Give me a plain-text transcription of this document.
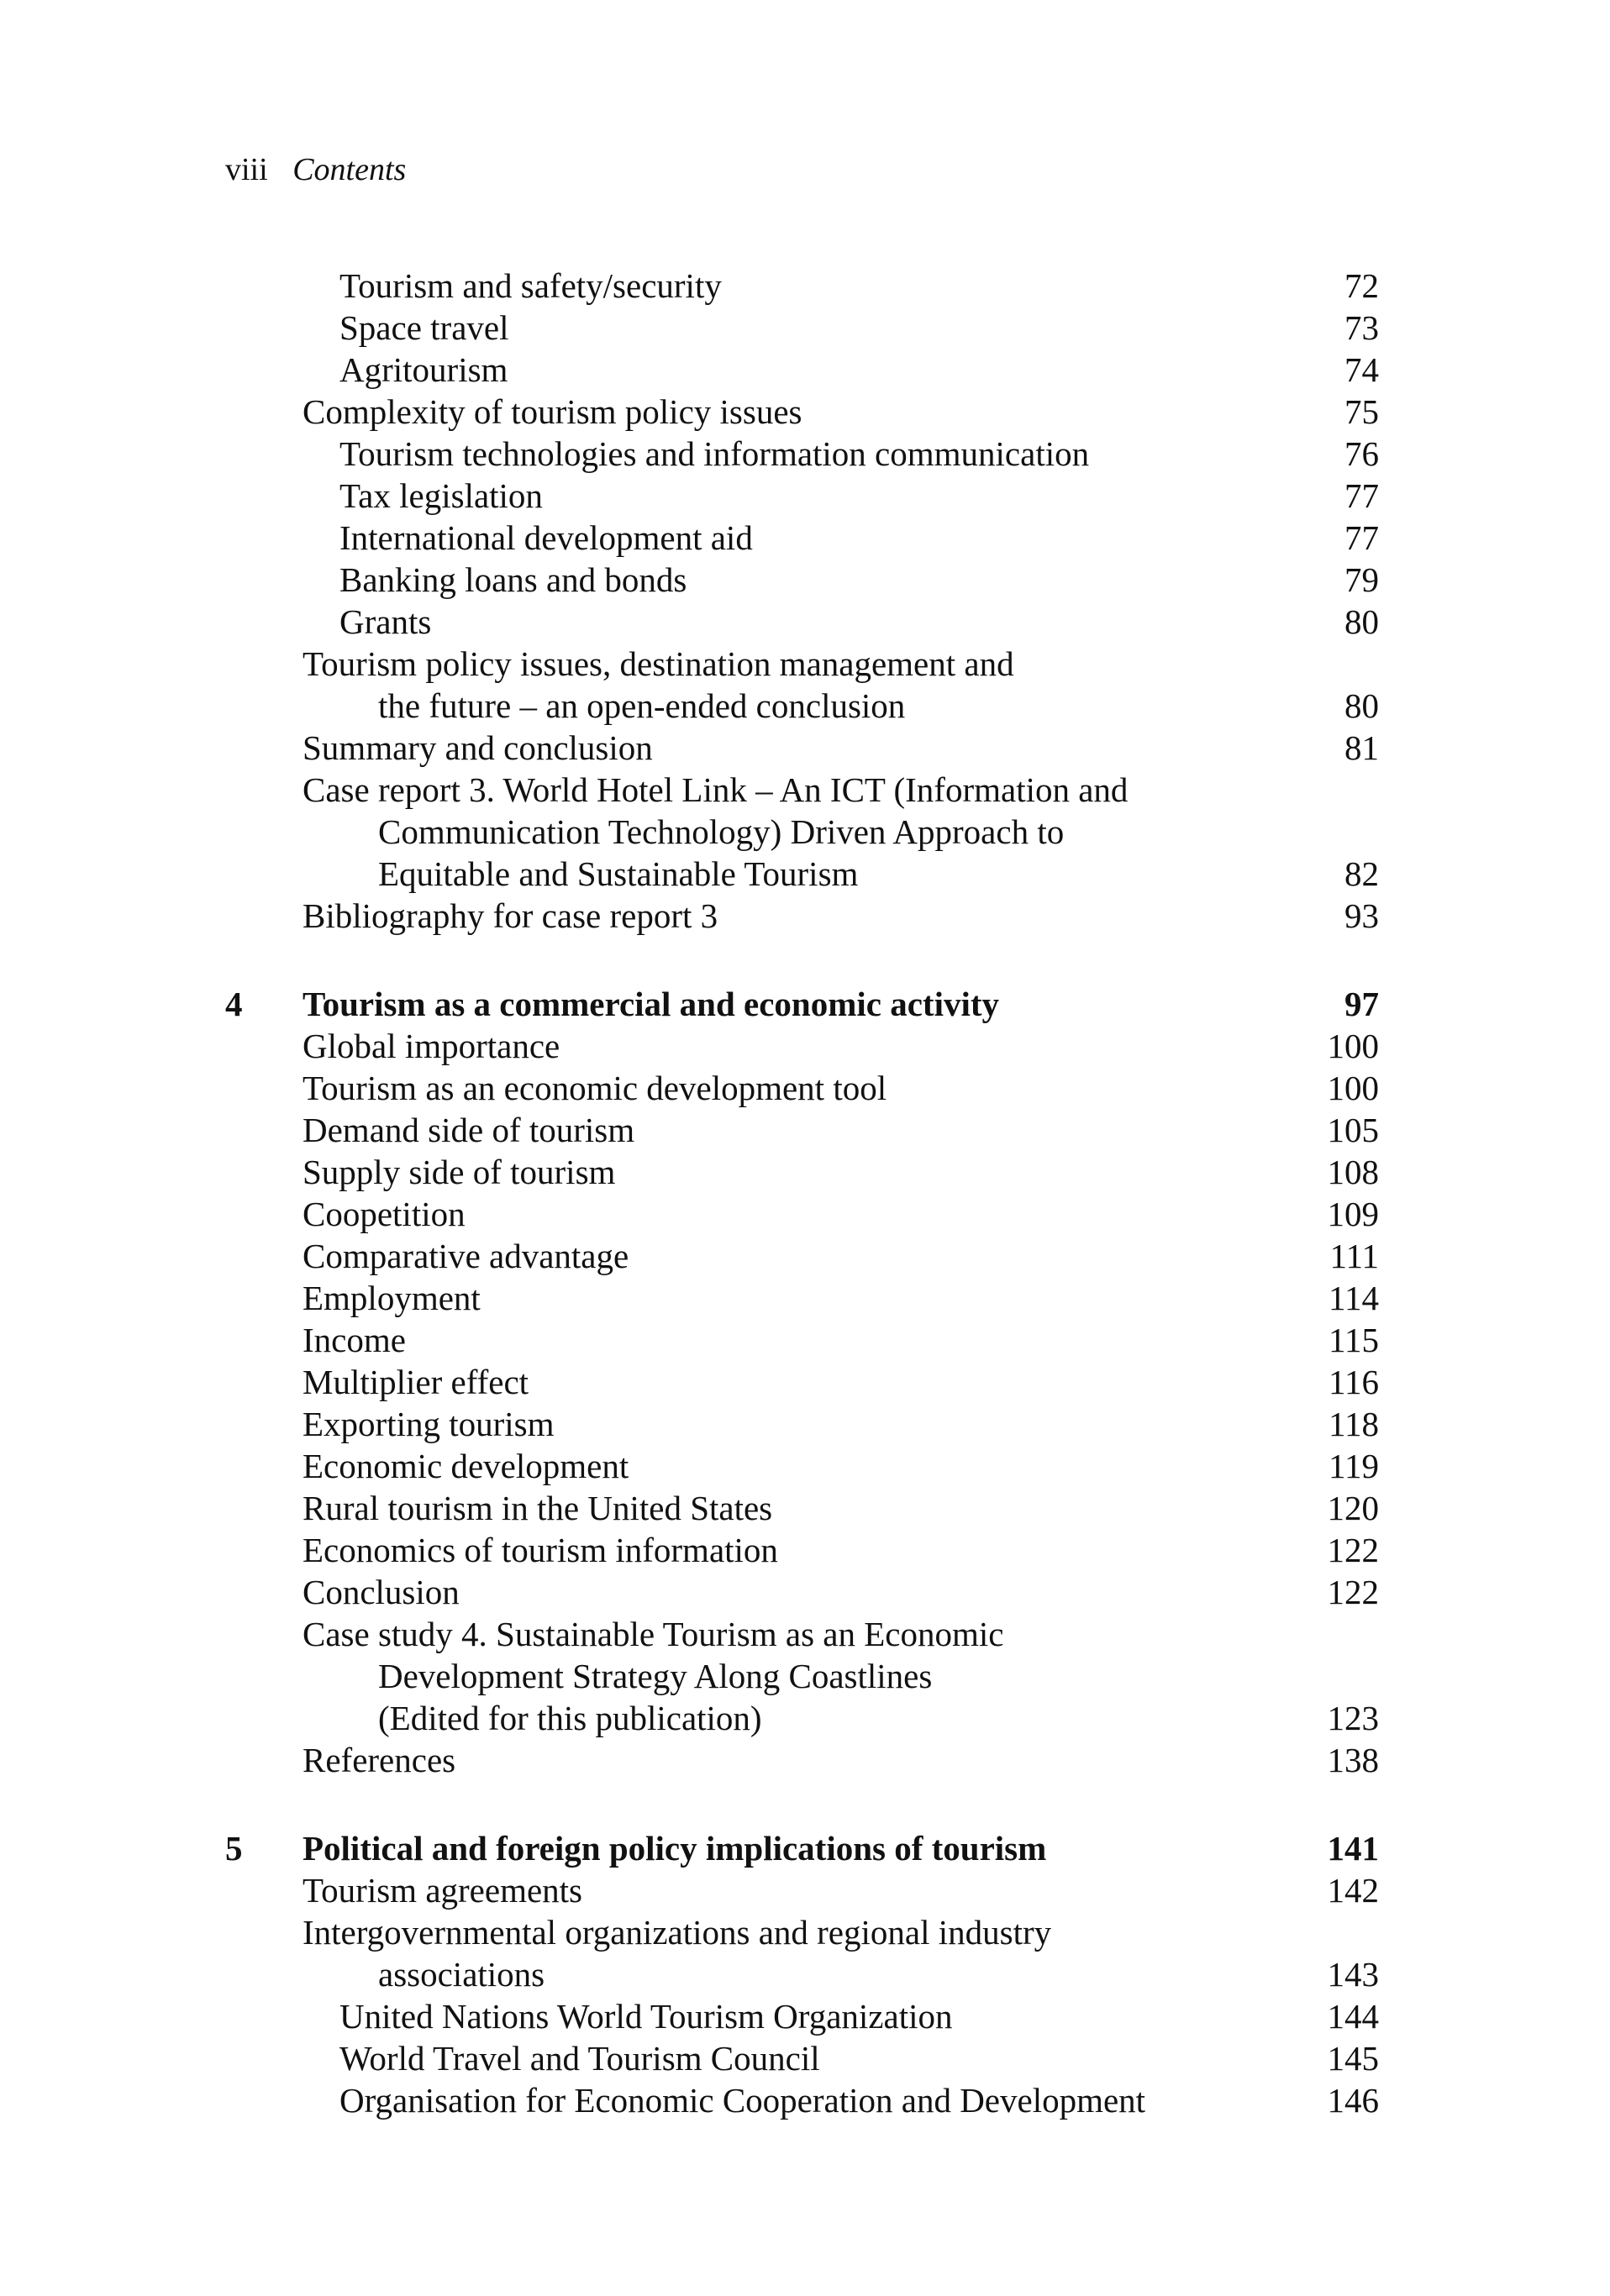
viii Contents
Tourism and safety/security	72
Space travel	73
Agritourism	74
Complexity of tourism policy issues	75
Tourism technologies and information communication	76
Tax legislation	77
International development aid	77
Banking loans and bonds	79
Grants	80
Tourism policy issues, destination management and
the future – an open-ended conclusion	80
Summary and conclusion	81
Case report 3. World Hotel Link – An ICT (Information and
Communication Technology) Driven Approach to
Equitable and Sustainable Tourism	82
Bibliography for case report 3	93
4 Tourism as a commercial and economic activity	97
Global importance	100
Tourism as an economic development tool	100
Demand side of tourism	105
Supply side of tourism	108
Coopetition	109
Comparative advantage	111
Employment	114
Income	115
Multiplier effect	116
Exporting tourism	118
Economic development	119
Rural tourism in the United States	120
Economics of tourism information	122
Conclusion	122
Case study 4. Sustainable Tourism as an Economic
Development Strategy Along Coastlines
(Edited for this publication)	123
References	138
5 Political and foreign policy implications of tourism	141
Tourism agreements	142
Intergovernmental organizations and regional industry
associations	143
United Nations World Tourism Organization	144
World Travel and Tourism Council	145
Organisation for Economic Cooperation and Development	146
